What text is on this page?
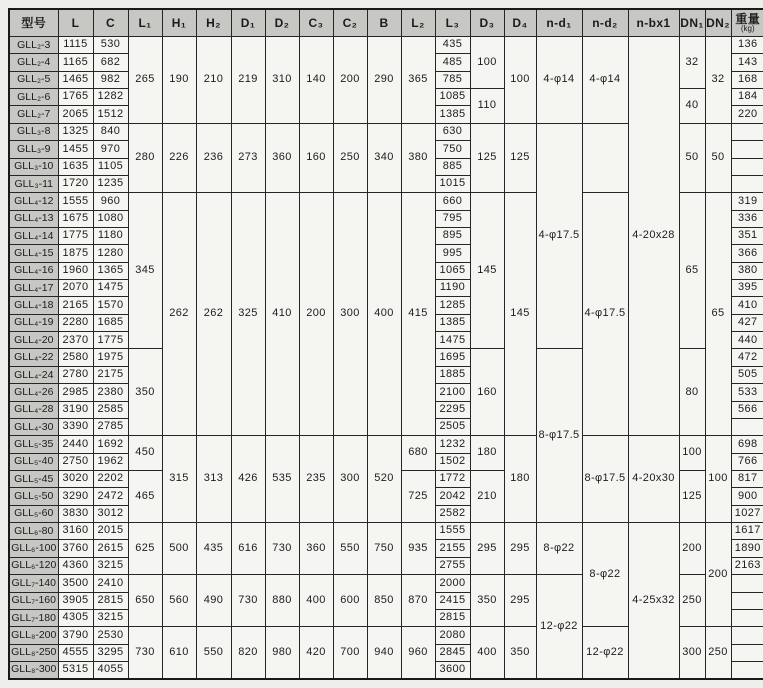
型号	L	C	L₁	H₁	H₂	D₁	D₂	C₃	C₂	B	L₂	L₃	D₃	D₄	n-d₁	n-d₂	n-bx1	DN₁	DN₂	重量
(kg)

GLL₂-3	1115	530	265	190	210	219	310	140	200	290	365	435	100	100	4-φ14	4-φ14	4-20x28	32	32	136
GLL₂-4	1165	682										485								143
GLL₂-5	1465	982										785								168
GLL₂-6	1765	1282										1085	110					40		184
GLL₂-7	2065	1512										1385								220
GLL₃-8	1325	840	280	226	236	273	360	160	250	340	380	630	125	125	4-φ17.5			50	50	
GLL₃-9	1455	970										750								
GLL₃-10	1635	1105										885								
GLL₃-11	1720	1235										1015								
GLL₄-12	1555	960	345	262	262	325	410	200	300	400	415	660	145	145		4-φ17.5		65	65	319
GLL₄-13	1675	1080										795								336
GLL₄-14	1775	1180										895								351
GLL₄-15	1875	1280										995								366
GLL₄-16	1960	1365										1065								380
GLL₄-17	2070	1475										1190								395
GLL₄-18	2165	1570										1285								410
GLL₄-19	2280	1685										1385								427
GLL₄-20	2370	1775										1475								440
GLL₄-22	2580	1975	350									1695	160		8-φ17.5			80		472
GLL₄-24	2780	2175										1885								505
GLL₄-26	2985	2380										2100								533
GLL₄-28	3190	2585										2295								566
GLL₄-30	3390	2785										2505								
GLL₅-35	2440	1692	450	315	313	426	535	235	300	520	680	1232	180	180		8-φ17.5	4-20x30	100	100	698
GLL₅-40	2750	1962										1502								766
GLL₅-45	3020	2202	465								725	1772	210					125		817
GLL₅-50	3290	2472										2042								900
GLL₅-60	3830	3012										2582								1027
GLL₆-80	3160	2015	625	500	435	616	730	360	550	750	935	1555	295	295	8-φ22	8-φ22	4-25x32	200	200	1617
GLL₆-100	3760	2615										2155								1890
GLL₆-120	4360	3215										2755								2163
GLL₇-140	3500	2410	650	560	490	730	880	400	600	850	870	2000	350	295	12-φ22			250		
GLL₇-160	3905	2815										2415								
GLL₇-180	4305	3215										2815								
GLL₈-200	3790	2530	730	610	550	820	980	420	700	940	960	2080	400	350		12-φ22		300	250	
GLL₈-250	4555	3295										2845								
GLL₈-300	5315	4055										3600								
